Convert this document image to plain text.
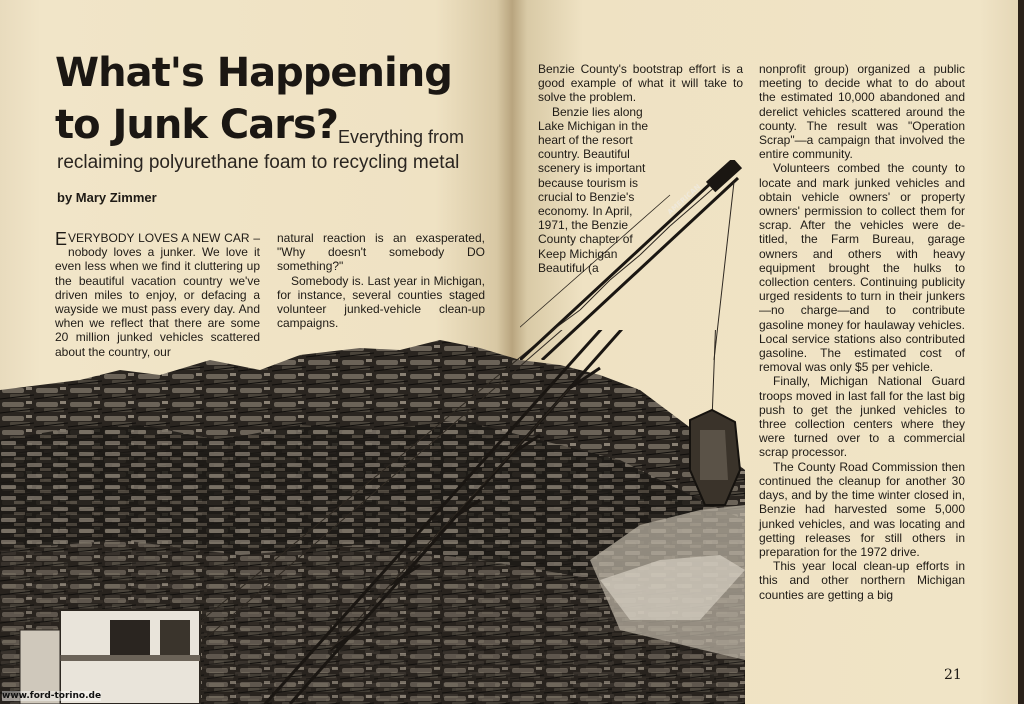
AMERICAN
What's Happening
to Junk Cars? Everything from
reclaiming polyurethane foam to recycling metal
by Mary Zimmer

EVERYBODY LOVES A NEW CAR – nobody loves a junker. We love it even less when we find it cluttering up the beautiful vacation country we've driven miles to enjoy, or defacing a wayside we must pass every day. And when we reflect that there are some 20 million junked vehicles scattered about the country, our

natural reaction is an exasperated, "Why doesn't somebody DO something?"

Somebody is. Last year in Michigan, for instance, several counties staged volunteer junked-vehicle clean-up campaigns.

Benzie County's bootstrap effort is a good example of what it will take to solve the problem.

Benzie lies along Lake Michigan in the heart of the resort country. Beautiful scenery is important because tourism is crucial to Benzie's economy. In April, 1971, the Benzie County chapter of Keep Michigan Beautiful (a

nonprofit group) organized a public meeting to decide what to do about the estimated 10,000 abandoned and derelict vehicles scattered around the county. The result was "Operation Scrap"—a campaign that involved the entire community.

Volunteers combed the county to locate and mark junked vehicles and obtain vehicle owners' or property owners' permission to collect them for scrap. After the vehicles were de-titled, the Farm Bureau, garage owners and others with heavy equipment brought the hulks to collection centers. Continuing publicity urged residents to turn in their junkers—no charge—and to contribute gasoline money for haulaway vehicles. Local service stations also contributed gasoline. The estimated cost of removal was only $5 per vehicle.

Finally, Michigan National Guard troops moved in last fall for the last big push to get the junked vehicles to three collection centers where they were turned over to a commercial scrap processor.

The County Road Commission then continued the cleanup for another 30 days, and by the time winter closed in, Benzie had harvested some 5,000 junked vehicles, and was locating and getting releases for still others in preparation for the 1972 drive.

This year local clean-up efforts in this and other northern Michigan counties are getting a big

21
www.ford-torino.de
